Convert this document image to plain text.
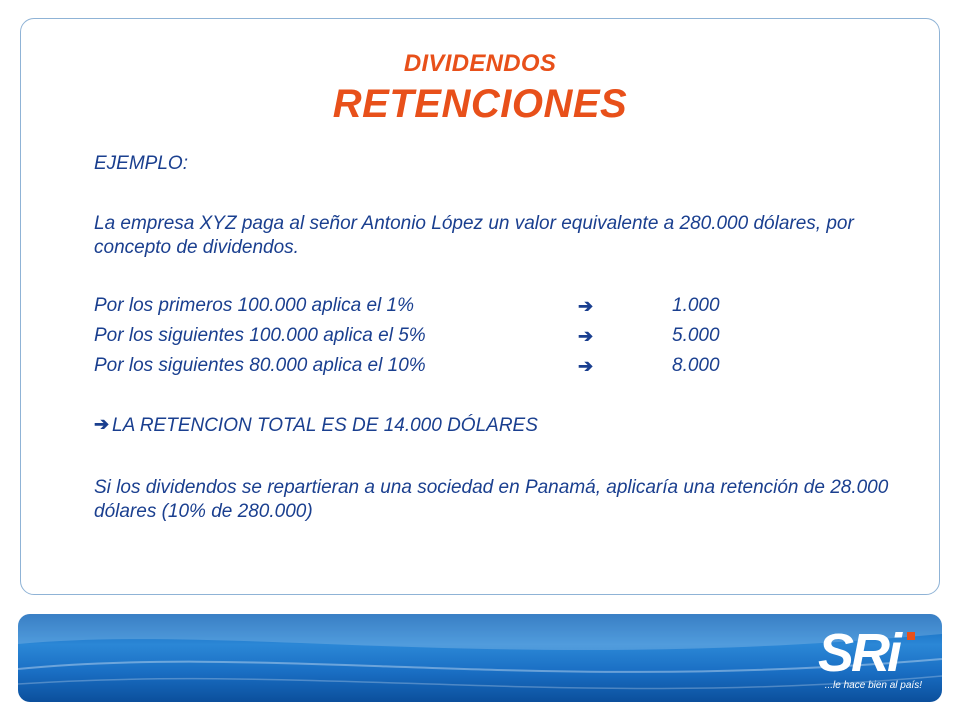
DIVIDENDOS
RETENCIONES
EJEMPLO:
La empresa XYZ paga al señor Antonio López un valor equivalente a 280.000 dólares, por concepto de dividendos.
Por los primeros 100.000 aplica el 1%	➔	1.000
Por los siguientes 100.000 aplica el 5%	➔	5.000
Por los siguientes 80.000 aplica el 10%	➔	8.000
➔ LA RETENCION TOTAL ES DE 14.000 DÓLARES
Si los dividendos se repartieran a una sociedad en Panamá, aplicaría una retención de 28.000 dólares (10% de 280.000)
SRi
...le hace bien al país!
